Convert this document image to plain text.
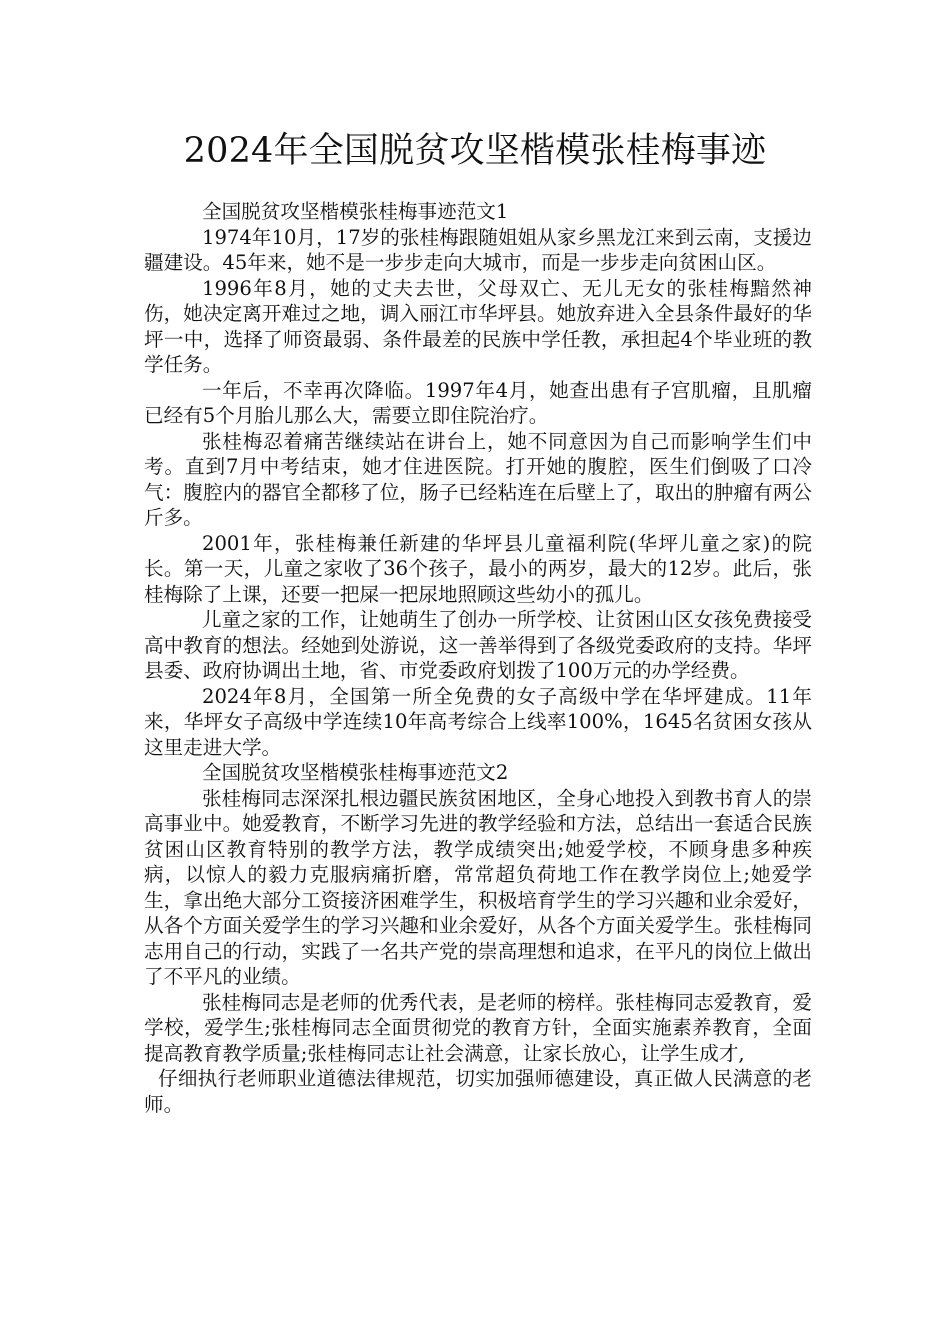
2024年全国脱贫攻坚楷模张桂梅事迹

全国脱贫攻坚楷模张桂梅事迹范文1

1974年10月，17岁的张桂梅跟随姐姐从家乡黑龙江来到云南，支援边疆建设。45年来，她不是一步步走向大城市，而是一步步走向贫困山区。

1996年8月，她的丈夫去世，父母双亡、无儿无女的张桂梅黯然神伤，她决定离开难过之地，调入丽江市华坪县。她放弃进入全县条件最好的华坪一中，选择了师资最弱、条件最差的民族中学任教，承担起4个毕业班的教学任务。

一年后，不幸再次降临。1997年4月，她查出患有子宫肌瘤，且肌瘤已经有5个月胎儿那么大，需要立即住院治疗。

张桂梅忍着痛苦继续站在讲台上，她不同意因为自己而影响学生们中考。直到7月中考结束，她才住进医院。打开她的腹腔，医生们倒吸了口冷气：腹腔内的器官全都移了位，肠子已经粘连在后壁上了，取出的肿瘤有两公斤多。

2001年，张桂梅兼任新建的华坪县儿童福利院(华坪儿童之家)的院长。第一天，儿童之家收了36个孩子，最小的两岁，最大的12岁。此后，张桂梅除了上课，还要一把屎一把尿地照顾这些幼小的孤儿。

儿童之家的工作，让她萌生了创办一所学校、让贫困山区女孩免费接受高中教育的想法。经她到处游说，这一善举得到了各级党委政府的支持。华坪县委、政府协调出土地，省、市党委政府划拨了100万元的办学经费。

2024年8月，全国第一所全免费的女子高级中学在华坪建成。11年来，华坪女子高级中学连续10年高考综合上线率100%，1645名贫困女孩从这里走进大学。

全国脱贫攻坚楷模张桂梅事迹范文2

张桂梅同志深深扎根边疆民族贫困地区，全身心地投入到教书育人的崇高事业中。她爱教育，不断学习先进的教学经验和方法，总结出一套适合民族贫困山区教育特别的教学方法，教学成绩突出;她爱学校，不顾身患多种疾病，以惊人的毅力克服病痛折磨，常常超负荷地工作在教学岗位上;她爱学生，拿出绝大部分工资接济困难学生，积极培育学生的学习兴趣和业余爱好，从各个方面关爱学生的学习兴趣和业余爱好，从各个方面关爱学生。张桂梅同志用自己的行动，实践了一名共产党的崇高理想和追求，在平凡的岗位上做出了不平凡的业绩。

张桂梅同志是老师的优秀代表，是老师的榜样。张桂梅同志爱教育，爱学校，爱学生;张桂梅同志全面贯彻党的教育方针，全面实施素养教育，全面提高教育教学质量;张桂梅同志让社会满意，让家长放心，让学生成才,

仔细执行老师职业道德法律规范，切实加强师德建设，真正做人民满意的老师。
